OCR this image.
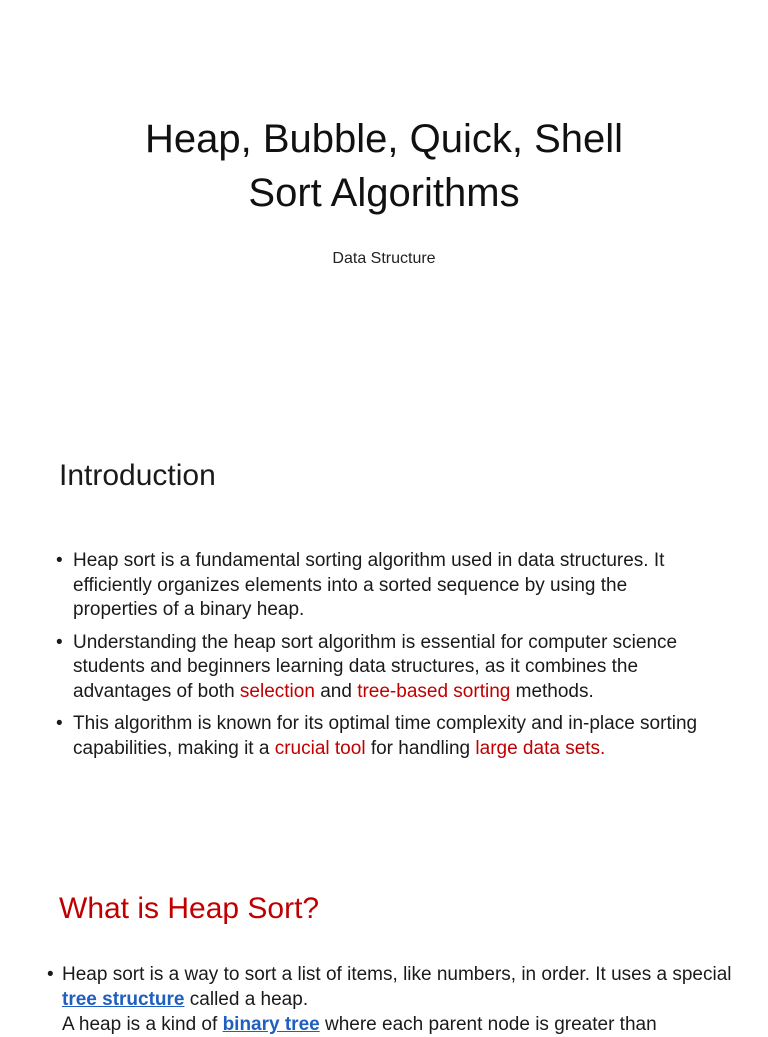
Heap, Bubble, Quick, Shell
Sort Algorithms

Data Structure

Introduction
• Heap sort is a fundamental sorting algorithm used in data structures. It efficiently organizes elements into a sorted sequence by using the properties of a binary heap.
• Understanding the heap sort algorithm is essential for computer science students and beginners learning data structures, as it combines the advantages of both selection and tree-based sorting methods.
• This algorithm is known for its optimal time complexity and in-place sorting capabilities, making it a crucial tool for handling large data sets.
What is Heap Sort?
• Heap sort is a way to sort a list of items, like numbers, in order. It uses a special tree structure called a heap.
A heap is a kind of binary tree where each parent node is greater than
